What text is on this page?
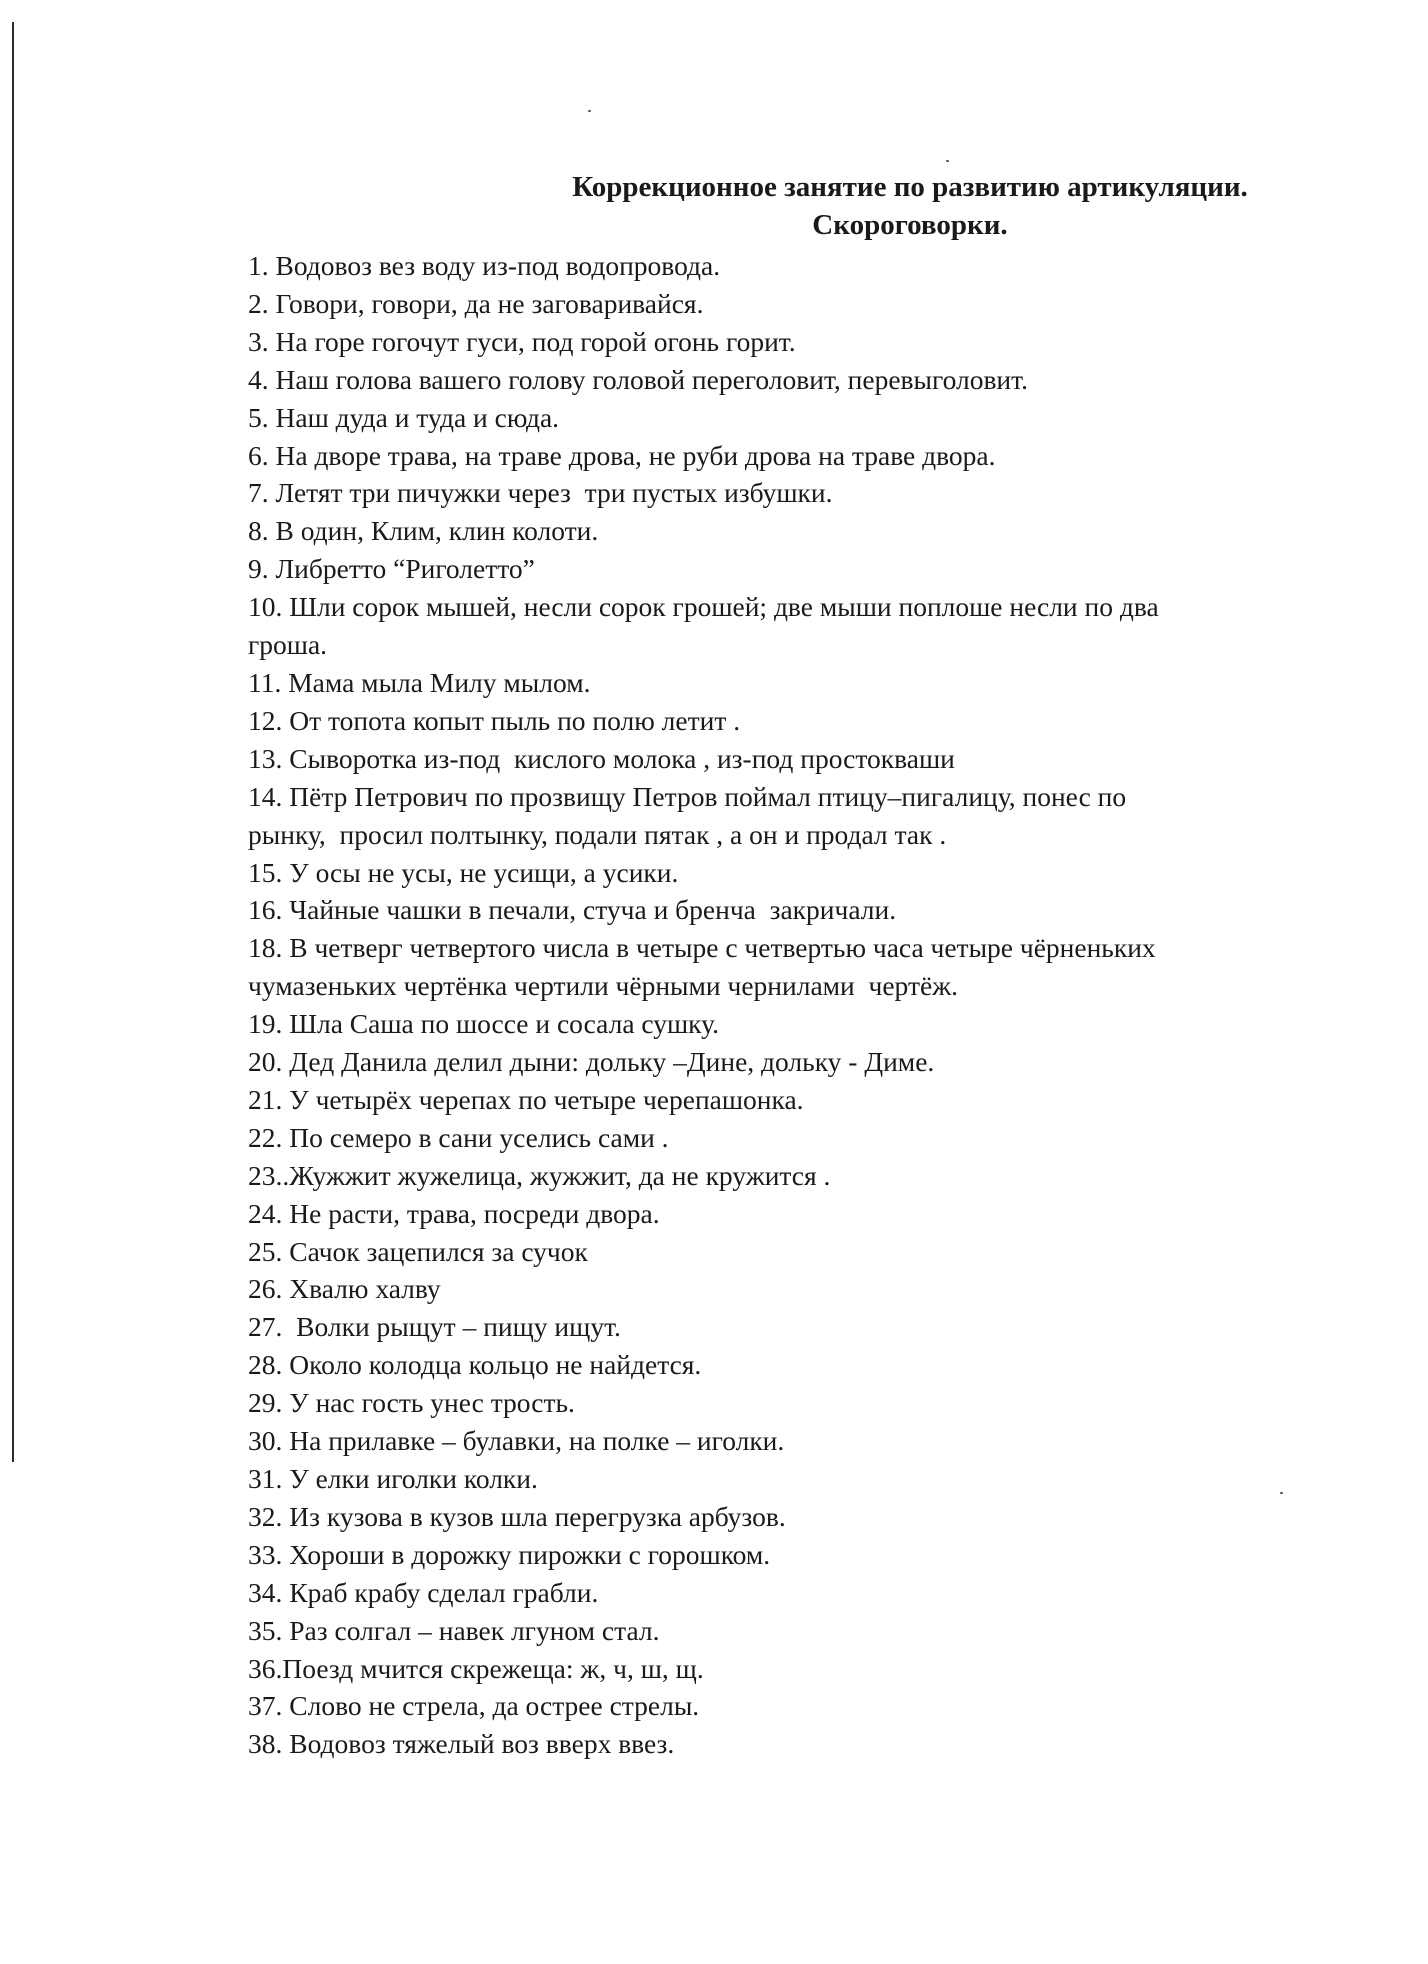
Коррекционное занятие по развитию артикуляции.
Скороговорки.
1. Водовоз вез воду из-под водопровода.
2. Говори, говори, да не заговаривайся.
3. На горе гогочут гуси, под горой огонь горит.
4. Наш голова вашего голову головой переголовит, перевыголовит.
5. Наш дуда и туда и сюда.
6. На дворе трава, на траве дрова, не руби дрова на траве двора.
7. Летят три пичужки через  три пустых избушки.
8. В один, Клим, клин колоти.
9. Либретто “Риголетто”
10. Шли сорок мышей, несли сорок грошей; две мыши поплоше несли по два
гроша.
11. Мама мыла Милу мылом.
12. От топота копыт пыль по полю летит .
13. Сыворотка из-под  кислого молока , из-под простокваши
14. Пётр Петрович по прозвищу Петров поймал птицу–пигалицу, понес по
рынку,  просил полтынку, подали пятак , а он и продал так .
15. У осы не усы, не усищи, а усики.
16. Чайные чашки в печали, стуча и бренча  закричали.
18. В четверг четвертого числа в четыре с четвертью часа четыре чёрненьких
чумазеньких чертёнка чертили чёрными чернилами  чертёж.
19. Шла Саша по шоссе и сосала сушку.
20. Дед Данила делил дыни: дольку –Дине, дольку - Диме.
21. У четырёх черепах по четыре черепашонка.
22. По семеро в сани уселись сами .
23..Жужжит жужелица, жужжит, да не кружится .
24. Не расти, трава, посреди двора.
25. Сачок зацепился за сучок
26. Хвалю халву
27.  Волки рыщут – пищу ищут.
28. Около колодца кольцо не найдется.
29. У нас гость унес трость.
30. На прилавке – булавки, на полке – иголки.
31. У елки иголки колки.
32. Из кузова в кузов шла перегрузка арбузов.
33. Хороши в дорожку пирожки с горошком.
34. Краб крабу сделал грабли.
35. Раз солгал – навек лгуном стал.
36.Поезд мчится скрежеща: ж, ч, ш, щ.
37. Слово не стрела, да острее стрелы.
38. Водовоз тяжелый воз вверх ввез.
